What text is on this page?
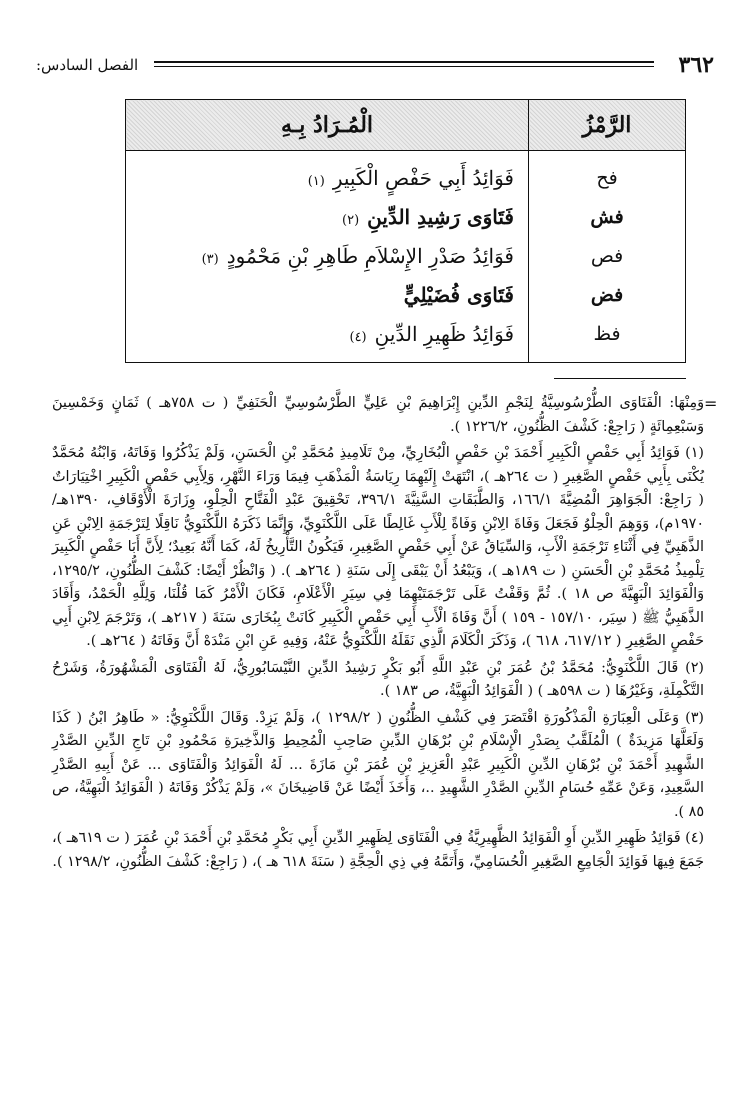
٣٦٢
الفصل السادس:
الرَّمْزُ	الْمُـرَادُ بِـهِ
فح	فَوَائِدُ أَبِي حَفْصٍ الْكَبِيرِ(١)
فش	فَتَاوَى رَشِيدِ الدِّينِ(٢)
فص	فَوَائِدُ صَدْرِ الإِسْلاَمِ طَاهِرِ بْنِ مَحْمُودٍ(٣)
فض	فَتَاوَى فُضَيْلِيٍّ
فظ	فَوَائِدُ ظَهِيرِ الدِّينِ(٤)
=

وَمِنْهَا: الْفَتَاوَى الطُّرْسُوسِيَّةُ لِنَجْمِ الدِّينِ إِبْرَاهِيمَ بْنِ عَلِيٍّ الطَّرْسُوسِيِّ الْحَنَفِيِّ ( ت ٧٥٨هـ ) ثَمَانٍ وَخَمْسِينَ وَسَبْعِمِائَةٍ ( رَاجِعْ: كَشْفَ الظُّنُونِ، ١٢٢٦/٢ ).

(١) فَوَائِدُ أَبِي حَفْصٍ الْكَبِيرِ أَحْمَدَ بْنِ حَفْصٍ الْبُخَارِيِّ، مِنْ تَلَامِيذِ مُحَمَّدِ بْنِ الْحَسَنِ، وَلَمْ يَذْكُرُوا وَفَاتَهُ، وَابْنُهُ مُحَمَّدٌ يُكْنَى بِأَبِي حَفْصٍ الصَّغِيرِ ( ت ٢٦٤هـ )، انْتَهَتْ إِلَيْهِمَا رِيَاسَةُ الْمَذْهَبِ فِيمَا وَرَاءَ النَّهْرِ، وَلِأَبِي حَفْصٍ الْكَبِيرِ اخْتِيَارَاتٌ ( رَاجِعْ: الْجَوَاهِرَ الْمُضِيَّةَ ١٦٦/١، وَالطَّبَقَاتِ السَّنِيَّةَ ٣٩٦/١، تَحْقِيقَ عَبْدِ الْفَتَّاحِ الْحِلْوِ، وِزَارَةَ الْأَوْقَافِ، ١٣٩٠هـ/١٩٧٠م)، وَوَهِمَ الْحِلْوُ فَجَعَلَ وَفَاةَ الِابْنِ وَفَاةً لِلْأَبِ غَالِطًا عَلَى اللَّكْنَوِيِّ، وَإِنَّمَا ذَكَرَهُ اللَّكْنَوِيُّ نَاقِلًا لِتَرْجَمَةِ الِابْنِ عَنِ الذَّهَبِيِّ فِي أَثْنَاءِ تَرْجَمَةِ الْأَبِ، وَالسِّيَاقُ عَنْ أَبِي حَفْصٍ الصَّغِيرِ، فَيَكُونُ التَّأْرِيخُ لَهُ، كَمَا أَنَّهُ بَعِيدٌ؛ لِأَنَّ أَبَا حَفْصٍ الْكَبِيرَ تِلْمِيذُ مُحَمَّدِ بْنِ الْحَسَنِ ( ت ١٨٩هـ )، وَيَبْعُدُ أَنْ يَبْقَى إِلَى سَنَةِ ( ٢٦٤هـ ). ( وَانْظُرْ أَيْضًا: كَشْفَ الظُّنُونِ، ١٢٩٥/٢، وَالْفَوَائِدَ الْبَهِيَّةَ ص ١٨ ). ثُمَّ وَقَفْتُ عَلَى تَرْجَمَتَيْهِمَا فِي سِيَرِ الْأَعْلَامِ، فَكَانَ الْأَمْرُ كَمَا قُلْنَا، وَلِلَّهِ الْحَمْدُ، وَأَفَادَ الذَّهَبِيُّ ﷺ ( سِيَر، ١٥٧/١٠ - ١٥٩ ) أَنَّ وَفَاةَ الْأَبِ أَبِي حَفْصٍ الْكَبِيرِ كَانَتْ بِبُخَارَى سَنَةَ ( ٢١٧هـ )، وَتَرْجَمَ لِابْنِ أَبِي حَفْصٍ الصَّغِيرِ ( ٦١٧/١٢، ٦١٨ )، وَذَكَرَ الْكَلَامَ الَّذِي نَقَلَهُ اللَّكْنَوِيُّ عَنْهُ، وَفِيهِ عَنِ ابْنِ مَنْدَهْ أَنَّ وَفَاتَهُ ( ٢٦٤هـ ).

(٢) قَالَ اللَّكْنَوِيُّ: مُحَمَّدُ بْنُ عُمَرَ بْنِ عَبْدِ اللَّهِ أَبُو بَكْرٍ رَشِيدُ الدِّينِ النَّيْسَابُورِيُّ، لَهُ الْفَتَاوَى الْمَشْهُورَةُ، وَشَرْحُ التَّكْمِلَةِ، وَغَيْرُهَا ( ت ٥٩٨هـ ) ( الْفَوَائِدُ الْبَهِيَّةُ، ص ١٨٣ ).

(٣) وَعَلَى الْعِبَارَةِ الْمَذْكُورَةِ اقْتَصَرَ فِي كَشْفِ الظُّنُونِ ( ١٢٩٨/٢ )، وَلَمْ يَزِدْ. وَقَالَ اللَّكْنَوِيُّ: « طَاهِرُ ابْنُ ( كَذَا وَلَعَلَّهَا مَزِيدَةٌ ) الْمُلَقَّبُ بِصَدْرِ الْإِسْلَامِ بْنِ بُرْهَانِ الدِّينِ صَاحِبِ الْمُحِيطِ وَالذَّخِيرَةِ مَحْمُودِ بْنِ تَاجِ الدِّينِ الصَّدْرِ الشَّهِيدِ أَحْمَدَ بْنِ بُرْهَانِ الدِّينِ الْكَبِيرِ عَبْدِ الْعَزِيزِ بْنِ عُمَرَ بْنِ مَازَةَ ... لَهُ الْفَوَائِدُ وَالْفَتَاوَى ... عَنْ أَبِيهِ الصَّدْرِ السَّعِيدِ، وَعَنْ عَمِّهِ حُسَامِ الدِّينِ الصَّدْرِ الشَّهِيدِ ..، وَأَخَذَ أَيْضًا عَنْ قَاضِيخَانَ »، وَلَمْ يَذْكُرْ وَفَاتَهُ ( الْفَوَائِدُ الْبَهِيَّةُ، ص ٨٥ ).

(٤) فَوَائِدُ ظَهِيرِ الدِّينِ أَوِ الْفَوَائِدُ الظَّهِيرِيَّةُ فِي الْفَتَاوَى لِظَهِيرِ الدِّينِ أَبِي بَكْرٍ مُحَمَّدِ بْنِ أَحْمَدَ بْنِ عُمَرَ ( ت ٦١٩هـ )، جَمَعَ فِيهَا فَوَائِدَ الْجَامِعِ الصَّغِيرِ الْحُسَامِيِّ، وَأَتَمَّهُ فِي ذِي الْحِجَّةِ ( سَنَةَ ٦١٨ هـ )، ( رَاجِعْ: كَشْفَ الظُّنُونِ، ١٢٩٨/٢ ).
